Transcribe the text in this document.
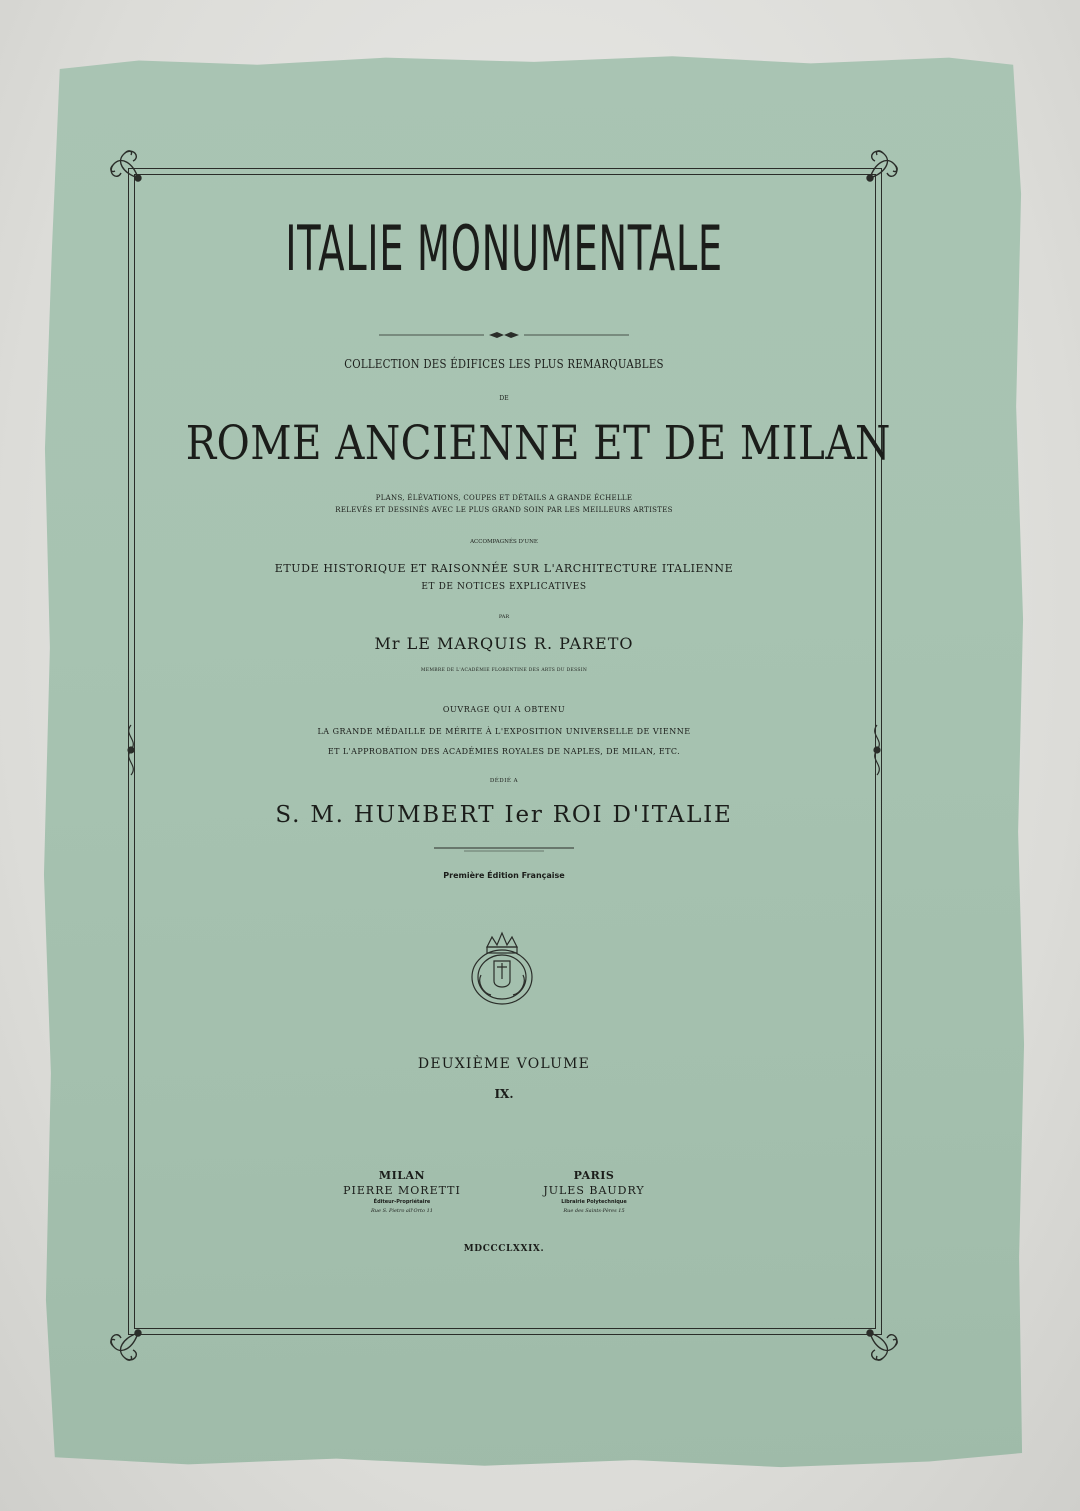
ITALIE MONUMENTALE
COLLECTION DES ÉDIFICES LES PLUS REMARQUABLES
DE
ROME ANCIENNE ET DE MILAN
PLANS, ÉLÉVATIONS, COUPES ET DÉTAILS A GRANDE ÉCHELLE
RELEVÉS ET DESSINÉS AVEC LE PLUS GRAND SOIN PAR LES MEILLEURS ARTISTES
ACCOMPAGNÉS D'UNE
ETUDE HISTORIQUE ET RAISONNÉE SUR L'ARCHITECTURE ITALIENNE
ET DE NOTICES EXPLICATIVES
PAR
Mr LE MARQUIS R. PARETO
MEMBRE DE L'ACADÉMIE FLORENTINE DES ARTS DU DESSIN
OUVRAGE QUI A OBTENU
LA GRANDE MÉDAILLE DE MÉRITE À L'EXPOSITION UNIVERSELLE DE VIENNE
ET L'APPROBATION DES ACADÉMIES ROYALES DE NAPLES, DE MILAN, ETC.
DÉDIÉ A
S. M. HUMBERT Ier ROI D'ITALIE
Première Édition Française
DEUXIÈME VOLUME
IX.
MILAN
PIERRE MORETTI
Éditeur-Propriétaire
Rue S. Pietro all'Orto 11
PARIS
JULES BAUDRY
Librairie Polytechnique
Rue des Saints-Pères 15
MDCCCLXXIX.
